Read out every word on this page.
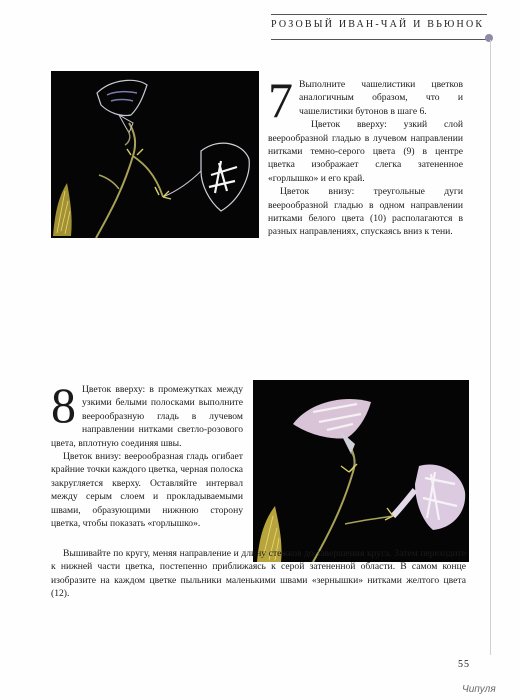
РОЗОВЫЙ ИВАН-ЧАЙ И ВЬЮНОК
7 Выполните чашелистики цветков аналогичным образом, что и чашелистики бутонов в шаге 6.

Цветок вверху: узкий слой веерообразной гладью в лучевом направлении нитками темно-серого цвета (9) в центре цветка изображает слегка затененное «горлышко» и его край.

Цветок внизу: треугольные дуги веерообразной гладью в одном направлении нитками белого цвета (10) располагаются в разных направлениях, спускаясь вниз к тени.

8 Цветок вверху: в промежутках между узкими белыми полосками выполните веерообразную гладь в лучевом направлении нитками светло-розового цвета, вплотную соединяя швы.

Цветок внизу: веерообразная гладь огибает крайние точки каждого цветка, черная полоска закругляется кверху. Оставляйте интервал между серым слоем и прокладываемыми швами, образующими нижнюю сторону цветка, чтобы показать «горлышко».

Вышивайте по кругу, меняя направление и длину стежков до завершения круга. Затем переходите к нижней части цветка, постепенно приближаясь к серой затененной области. В самом конце изобразите на каждом цветке пыльники маленькими швами «зернышки» нитками желтого цвета (12).

55
Чипуля
